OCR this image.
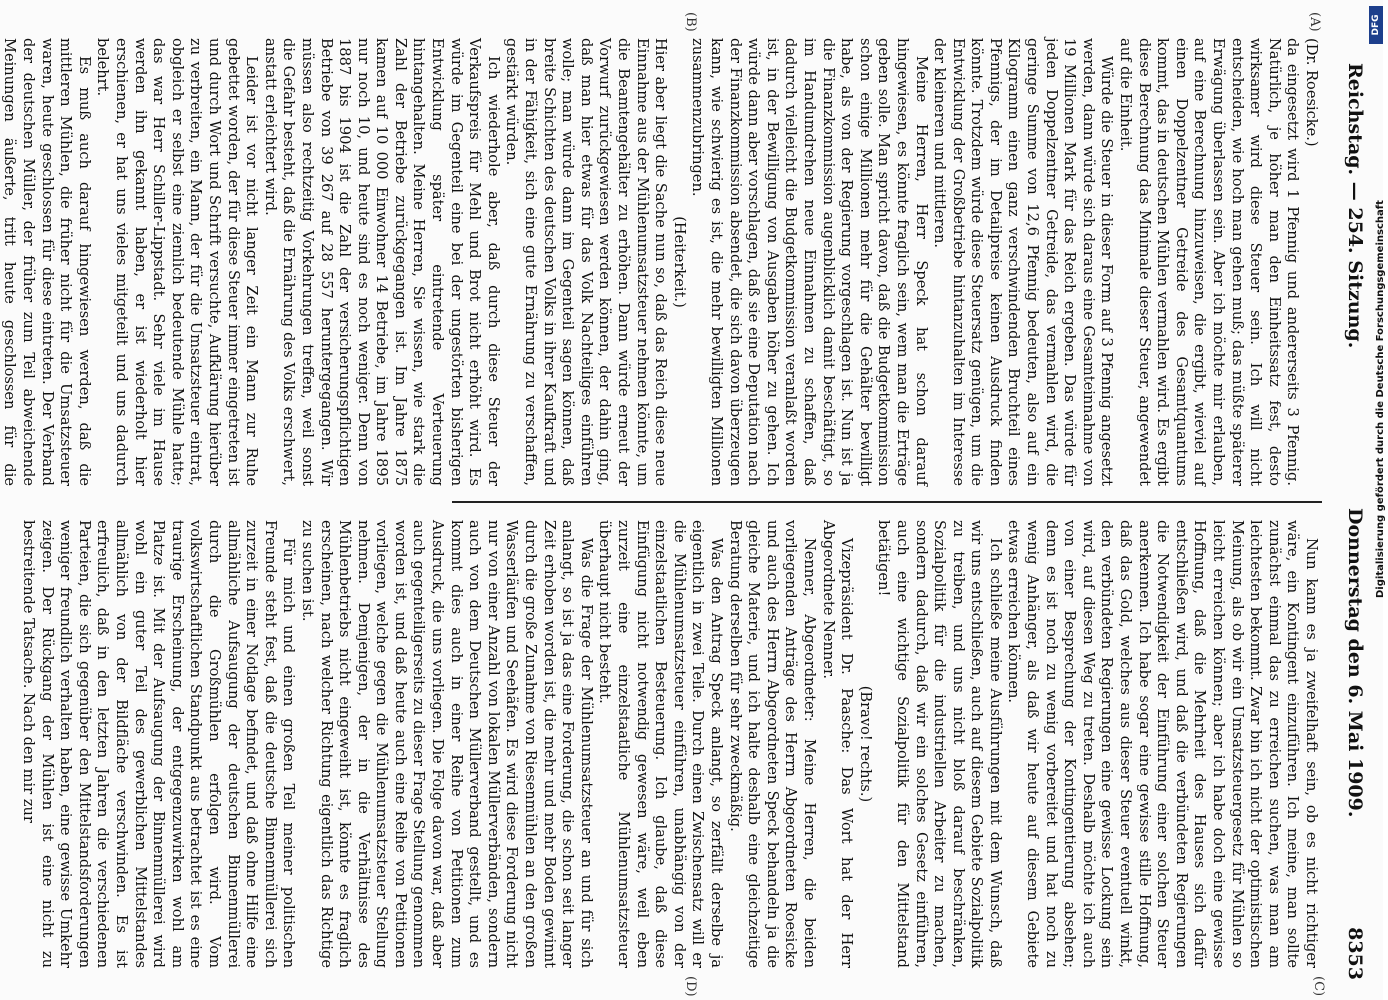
Reichstag. — 254. Sitzung.
Donnerstag den 6. Mai 1909.
8353
(A)
(B)
(C)
(D)

(Dr. Roesicke.)

da eingesetzt wird 1 Pfennig und andererseits 3 Pfennig. Natürlich, je höher man den Einheitssatz fest, desto wirksamer wird diese Steuer sein. Ich will nicht entscheiden, wie hoch man gehen muß; das müßte späterer Erwägung überlassen sein. Aber ich möchte mir erlauben, auf eine Berechnung hinzuweisen, die ergibt, wieviel auf einen Doppelzentner Getreide des Gesamtquantums kommt, das in deutschen Mühlen vermahlen wird. Es ergibt diese Berechnung das Minimale dieser Steuer, angewendet auf die Einheit.

Würde die Steuer in dieser Form auf 3 Pfennig angesetzt werden, dann würde sich daraus eine Gesamteinnahme von 19 Millionen Mark für das Reich ergeben. Das würde für jeden Doppelzentner Getreide, das vermahlen wird, die geringe Summe von 12,6 Pfennig bedeuten, also auf ein Kilogramm einen ganz verschwindenden Bruchteil eines Pfennigs, der im Detailpreise keinen Ausdruck finden könnte. Trotzdem würde diese Steuersatz genügen, um die Entwicklung der Großbetriebe hintanzuhalten im Interesse der kleineren und mittleren.

Meine Herren, Herr Speck hat schon darauf hingewiesen, es könnte fraglich sein, wem man die Erträge geben solle. Man spricht davon, daß die Budgetkommission schon einige Millionen mehr für die Gehälter bewilligt habe, als von der Regierung vorgeschlagen ist. Nun ist ja die Finanzkommission augenblicklich damit beschäftigt, so im Handumdrehen neue Einnahmen zu schaffen, daß dadurch vielleicht die Budgetkommission veranlaßt worden ist, in der Bewilligung von Ausgaben höher zu gehen. Ich würde dann aber vorschlagen, daß sie eine Deputation nach der Finanzkommission absendet, die sich davon überzeugen kann, wie schwierig es ist, die mehr bewilligten Millionen zusammenzubringen.

(Heiterkeit.)

Hier aber liegt die Sache nun so, daß das Reich diese neue Einnahme aus der Mühlenumsatzsteuer nehmen könnte, um die Beamtengehälter zu erhöhen. Dann würde erneut der Vorwurf zurückgewiesen werden können, der dahin ging, daß man hier etwas für das Volk Nachteiliges einführen wolle; man würde dann im Gegenteil sagen können, daß breite Schichten des deutschen Volks in ihrer Kaufkraft und in der Fähigkeit, sich eine gute Ernährung zu verschaffen, gestärkt würden.

Ich wiederhole aber, daß durch diese Steuer der Verkaufspreis für Mehl und Brot nicht erhöht wird. Es würde im Gegenteil eine bei der ungestörten bisherigen Entwicklung später eintretende Verteuerung hintangehalten. Meine Herren, Sie wissen, wie stark die Zahl der Betriebe zurückgegangen ist. Im Jahre 1875 kamen auf 10 000 Einwohner 14 Betriebe, im Jahre 1895 nur noch 10, und heute sind es noch weniger. Denn von 1887 bis 1904 ist die Zahl der versicherungspflichtigen Betriebe von 39 267 auf 28 557 heruntergegangen. Wir müssen also rechtzeitig Vorkehrungen treffen, weil sonst die Gefahr besteht, daß die Ernährung des Volks erschwert, anstatt erleichtert wird.

Leider ist vor nicht langer Zeit ein Mann zur Ruhe gebettet worden, der für diese Steuer immer eingetreten ist und durch Wort und Schrift versuchte, Aufklärung hierüber zu verbreiten, ein Mann, der für die Umsatzsteuer eintrat, obgleich er selbst eine ziemlich bedeutende Mühle hatte; das war Herr Schiller-Lippstadt. Sehr viele im Hause werden ihn gekannt haben, er ist wiederholt hier erschienen, er hat uns vieles mitgeteilt und uns dadurch belehrt.

Es muß auch darauf hingewiesen werden, daß die mittleren Mühlen, die früher nicht für die Umsatzsteuer waren, heute geschlossen für diese eintreten. Der Verband der deutschen Müller, der früher zum Teil abweichende Meinungen äußerte, tritt heute geschlossen für die

Nun kann es ja zweifelhaft sein, ob es nicht richtiger wäre, ein Kontingent einzuführen. Ich meine, man sollte zunächst einmal das zu erreichen suchen, was man am leichtesten bekommt. Zwar bin ich nicht der optimistischen Meinung, als ob wir ein Umsatzsteuergesetz für Mühlen so leicht erreichen können; aber ich habe doch eine gewisse Hoffnung, daß die Mehrheit des Hauses sich dafür entschließen wird, und daß die verbündeten Regierungen die Notwendigkeit der Einführung einer solchen Steuer anerkennen. Ich habe sogar eine gewisse stille Hoffnung, daß das Gold, welches aus dieser Steuer eventuell winkt, den verbündeten Regierungen eine gewisse Lockung sein wird, auf diesen Weg zu treten. Deshalb möchte ich auch von einer Besprechung der Kontingentierung absehen; denn es ist noch zu wenig vorbereitet und hat noch zu wenig Anhänger, als daß wir heute auf diesem Gebiete etwas erreichen können.

Ich schließe meine Ausführungen mit dem Wunsch, daß wir uns entschließen, auch auf diesem Gebiete Sozialpolitik zu treiben, und uns nicht bloß darauf beschränken, Sozialpolitik für die industriellen Arbeiter zu machen, sondern dadurch, daß wir ein solches Gesetz einführen, auch eine wichtige Sozialpolitik für den Mittelstand betätigen!

(Bravo! rechts.)

Vizepräsident Dr. Paasche: Das Wort hat der Herr Abgeordnete Nenner.

Nenner, Abgeordneter: Meine Herren, die beiden vorliegenden Anträge des Herrn Abgeordneten Roesicke und auch des Herrn Abgeordneten Speck behandeln ja die gleiche Materie, und ich halte deshalb eine gleichzeitige Beratung derselben für sehr zweckmäßig.

Was den Antrag Speck anlangt, so zerfällt derselbe ja eigentlich in zwei Teile. Durch einen Zwischensatz will er die Mühlenumsatzsteuer einführen, unabhängig von der einzelstaatlichen Besteuerung. Ich glaube, daß diese Einfügung nicht notwendig gewesen wäre, weil eben zurzeit eine einzelstaatliche Mühlenumsatzsteuer überhaupt nicht besteht.

Was die Frage der Mühlenumsatzsteuer an und für sich anlangt, so ist ja das eine Forderung, die schon seit langer Zeit erhoben worden ist, die mehr und mehr Boden gewinnt durch die große Zunahme von Riesenmühlen an den großen Wasserläufen und Seehäfen. Es wird diese Forderung nicht nur von einer Anzahl von lokalen Müllerverbänden, sondern auch von dem Deutschen Müllerverband gestellt, und es kommt dies auch in einer Reihe von Petitionen zum Ausdruck, die uns vorliegen. Die Folge davon war, daß aber auch gegenteiligerseits zu dieser Frage Stellung genommen worden ist, und daß heute auch eine Reihe von Petitionen vorliegen, welche gegen die Mühlenumsatzsteuer Stellung nehmen. Demjenigen, der in die Verhältnisse des Mühlenbetriebs nicht eingeweiht ist, könnte es fraglich erscheinen, nach welcher Richtung eigentlich das Richtige zu suchen ist.

Für mich und einen großen Teil meiner politischen Freunde steht fest, daß die deutsche Binnenmüllerei sich zurzeit in einer Notlage befindet, und daß ohne Hilfe eine allmähliche Aufsaugung der deutschen Binnenmüllerei durch die Großmühlen erfolgen wird. Vom volkswirtschaftlichen Standpunkt aus betrachtet ist es eine traurige Erscheinung, der entgegenzuwirken wohl am Platze ist. Mit der Aufsaugung der Binnenmüllerei wird wohl ein guter Teil des gewerblichen Mittelstandes allmählich von der Bildfläche verschwinden. Es ist erfreulich, daß in den letzten Jahren die verschiedenen Parteien, die sich gegenüber den Mittelstandsforderungen weniger freundlich verhalten haben, eine gewisse Umkehr zeigen. Der Rückgang der Mühlen ist eine nicht zu bestreitende Tatsache. Nach den mir zur

DFG
Digitalisierung gefördert durch die Deutsche Forschungsgemeinschaft
